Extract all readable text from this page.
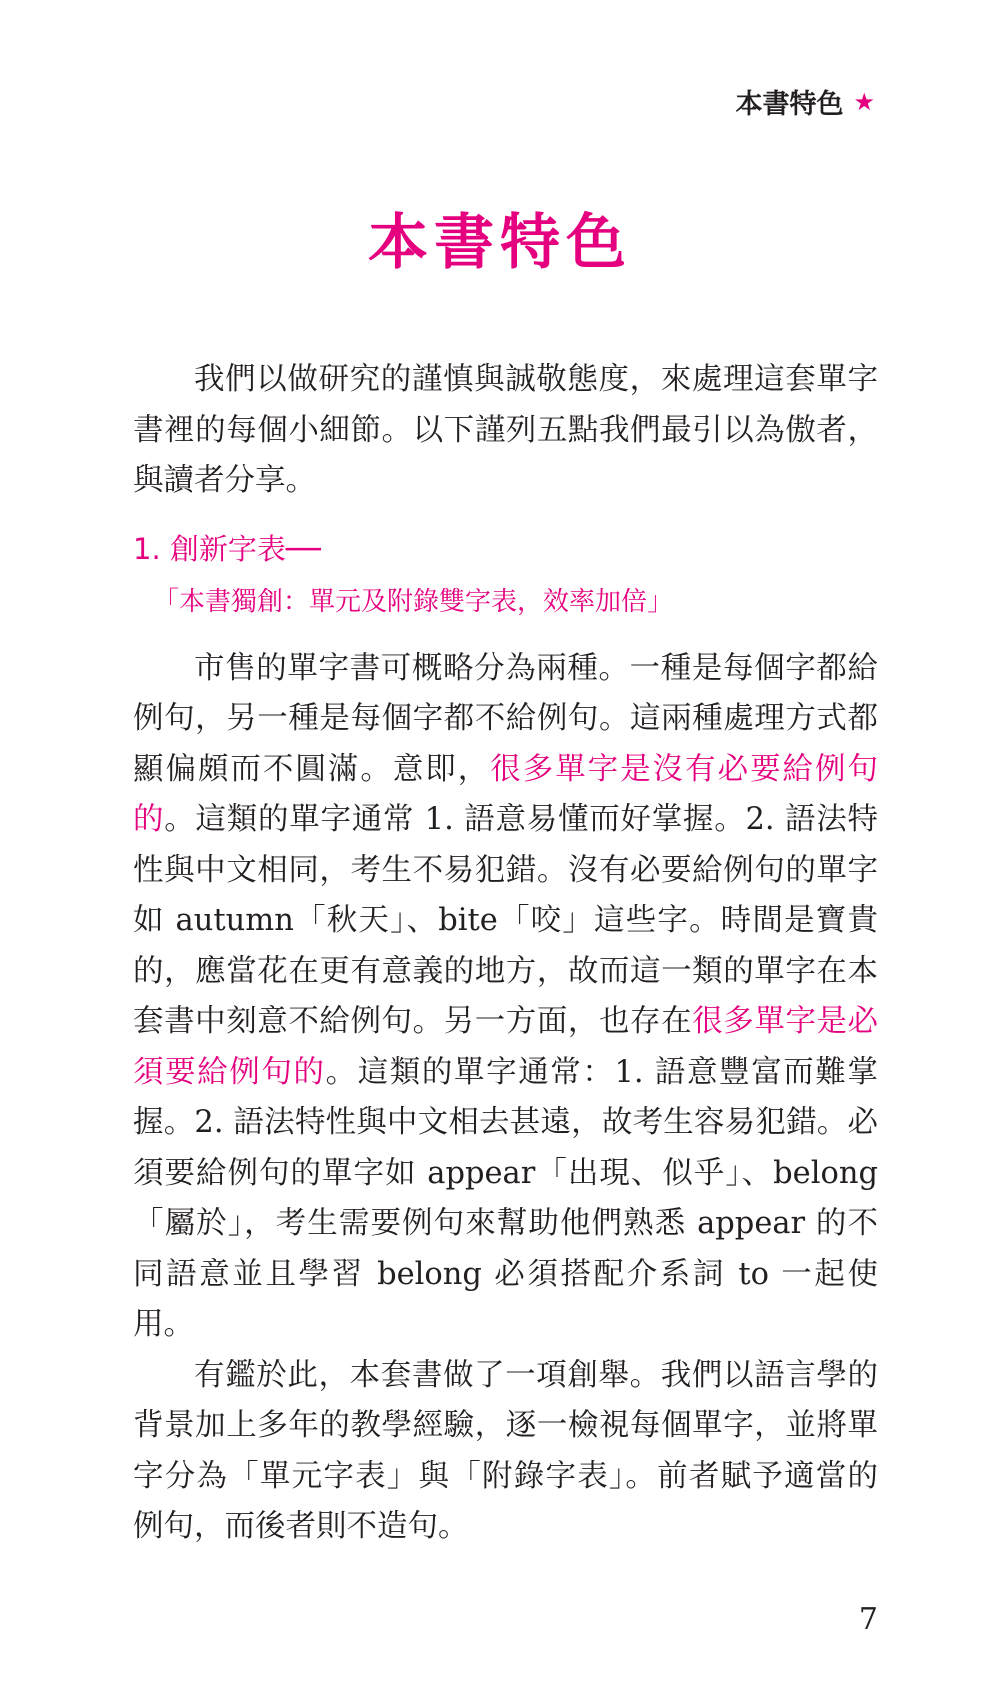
本書特色 ★
本書特色

我們以做研究的謹慎與誠敬態度，來處理這套單字書裡的每個小細節。以下謹列五點我們最引以為傲者，與讀者分享。

1. 創新字表──
「本書獨創：單元及附錄雙字表，效率加倍」

市售的單字書可概略分為兩種。一種是每個字都給例句，另一種是每個字都不給例句。這兩種處理方式都顯偏頗而不圓滿。意即，很多單字是沒有必要給例句的。這類的單字通常 1. 語意易懂而好掌握。2. 語法特性與中文相同，考生不易犯錯。沒有必要給例句的單字如 autumn「秋天」、bite「咬」這些字。時間是寶貴的，應當花在更有意義的地方，故而這一類的單字在本套書中刻意不給例句。另一方面，也存在很多單字是必須要給例句的。這類的單字通常：1. 語意豐富而難掌握。2. 語法特性與中文相去甚遠，故考生容易犯錯。必須要給例句的單字如 appear「出現、似乎」、belong「屬於」，考生需要例句來幫助他們熟悉 appear 的不同語意並且學習 belong 必須搭配介系詞 to 一起使用。

有鑑於此，本套書做了一項創舉。我們以語言學的背景加上多年的教學經驗，逐一檢視每個單字，並將單字分為「單元字表」與「附錄字表」。前者賦予適當的例句，而後者則不造句。

7
